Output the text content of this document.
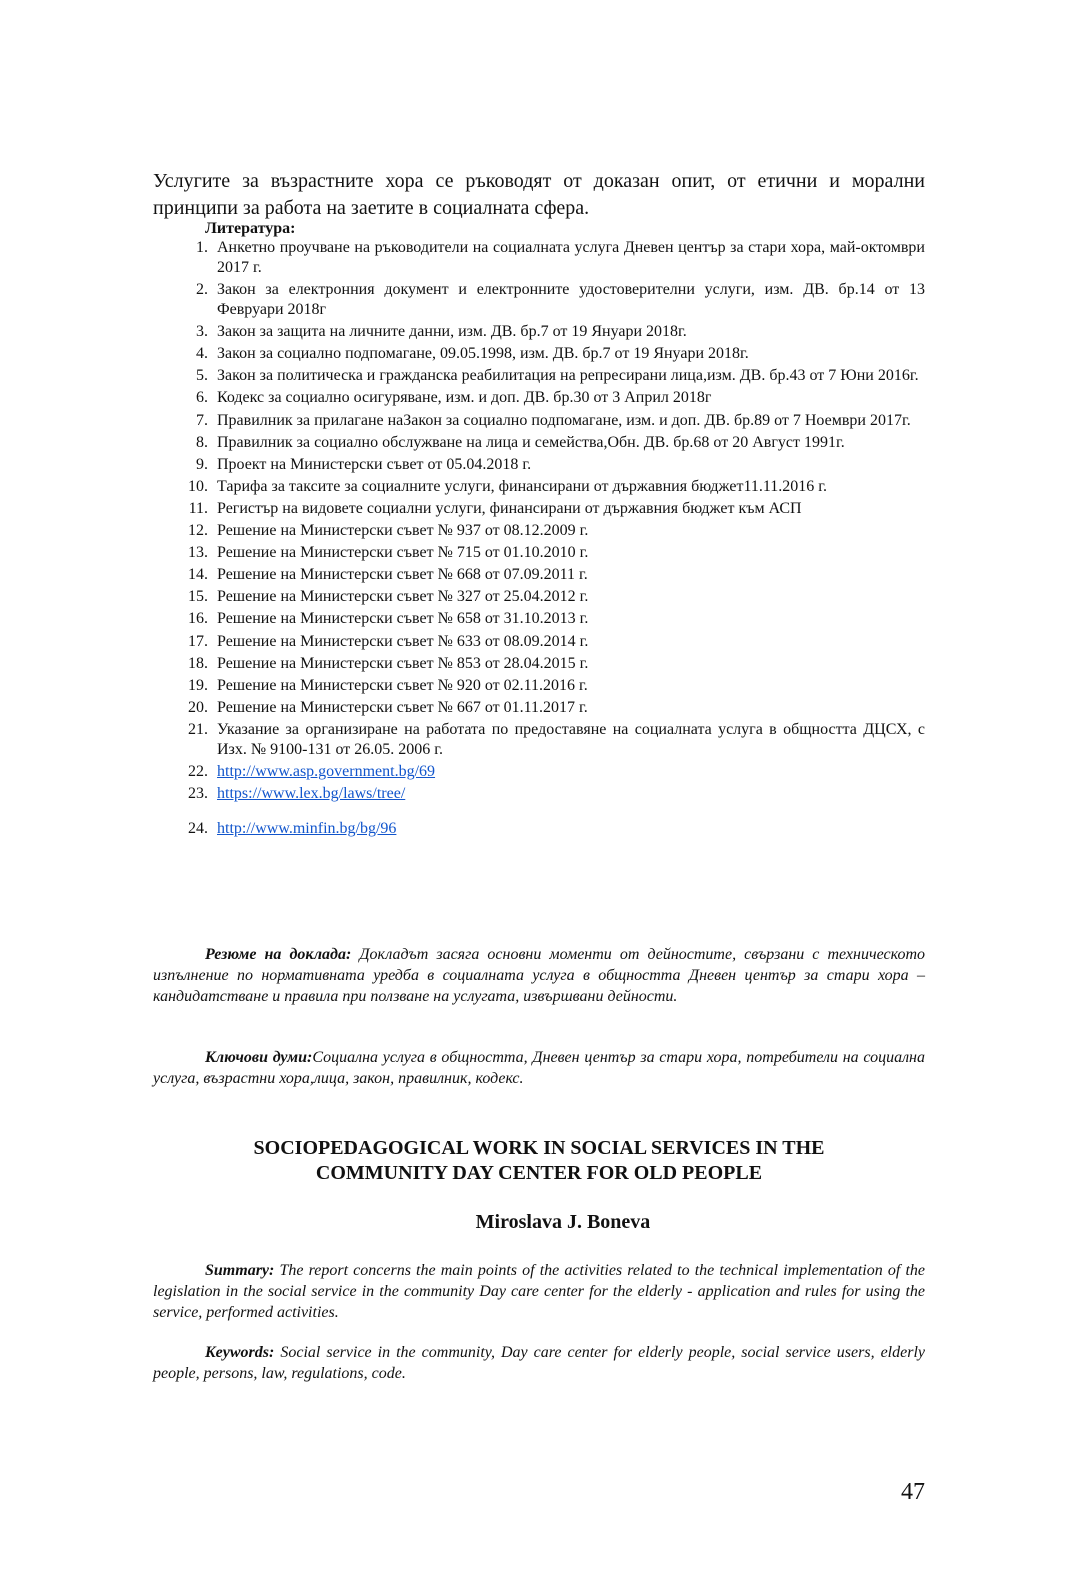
Услугите за възрастните хора се ръководят от доказан опит, от етични и морални принципи за работа на заетите в социалната сфера.
Литература:
1. Анкетно проучване на ръководители на социалната услуга Дневен център за стари хора, май-октомври 2017 г.
2. Закон за електронния документ и електронните удостоверителни услуги, изм. ДВ. бр.14 от 13 Февруари 2018г
3. Закон за защита на личните данни, изм. ДВ. бр.7 от 19 Януари 2018г.
4. Закон за социално подпомагане, 09.05.1998, изм. ДВ. бр.7 от 19 Януари 2018г.
5. Закон за политическа и гражданска реабилитация на репресирани лица,изм. ДВ. бр.43 от 7 Юни 2016г.
6. Кодекс за социално осигуряване, изм. и доп. ДВ. бр.30 от 3 Април 2018г
7. Правилник за прилагане наЗакон за социално подпомагане, изм. и доп. ДВ. бр.89 от 7 Ноември 2017г.
8. Правилник за социално обслужване на лица и семейства,Обн. ДВ. бр.68 от 20 Август 1991г.
9. Проект на Министерски съвет от 05.04.2018 г.
10. Тарифа за таксите за социалните услуги, финансирани от държавния бюджет11.11.2016 г.
11. Регистър на видовете социални услуги, финансирани от държавния бюджет към АСП
12. Решение на Министерски съвет № 937 от 08.12.2009 г.
13. Решение на Министерски съвет № 715 от 01.10.2010 г.
14. Решение на Министерски съвет № 668 от 07.09.2011 г.
15. Решение на Министерски съвет № 327 от 25.04.2012 г.
16. Решение на Министерски съвет № 658 от 31.10.2013 г.
17. Решение на Министерски съвет № 633 от 08.09.2014 г.
18. Решение на Министерски съвет № 853 от 28.04.2015 г.
19. Решение на Министерски съвет № 920 от 02.11.2016 г.
20. Решение на Министерски съвет № 667 от 01.11.2017 г.
21. Указание за организиране на работата по предоставяне на социалната услуга в общността ДЦСХ, с Изх. № 9100-131 от 26.05. 2006 г.
22. http://www.asp.government.bg/69
23. https://www.lex.bg/laws/tree/
24. http://www.minfin.bg/bg/96

Резюме на доклада: Докладът засяга основни моменти от дейностите, свързани с техническото изпълнение по нормативната уредба в социалната услуга в общността Дневен център за стари хора – кандидатстване и правила при ползване на услугата, извършвани дейности.

Ключови думи:Социална услуга в общността, Дневен център за стари хора, потребители на социална услуга, възрастни хора,лица, закон, правилник, кодекс.

SOCIOPEDAGOGICAL WORK IN SOCIAL SERVICES IN THE
COMMUNITY DAY CENTER FOR OLD PEOPLE
Miroslava J. Boneva

Summary: The report concerns the main points of the activities related to the technical implementation of the legislation in the social service in the community Day care center for the elderly - application and rules for using the service, performed activities.

Keywords: Social service in the community, Day care center for elderly people, social service users, elderly people, persons, law, regulations, code.

47
